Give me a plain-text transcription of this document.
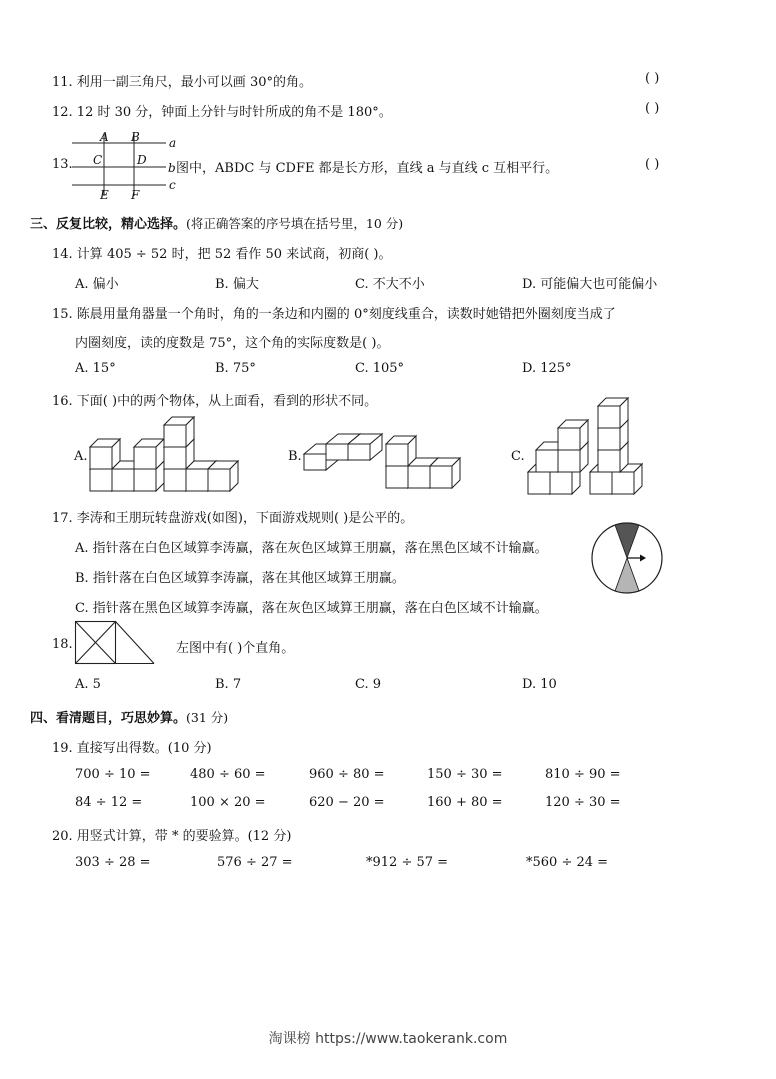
11. 利用一副三角尺，最小可以画 30°的角。	( )
12. 12 时 30 分，钟面上分针与时针所成的角不是 180°。	( )
13.
A B
C	D
E F
a
b
c
图中，ABDC 与 CDFE 都是长方形，直线 a 与直线 c 互相平行。	( )
三、反复比较，精心选择。(将正确答案的序号填在括号里，10 分)
14. 计算 405 ÷ 52 时，把 52 看作 50 来试商，初商( )。
A. 偏小	B. 偏大	C. 不大不小	D. 可能偏大也可能偏小
15. 陈晨用量角器量一个角时，角的一条边和内圈的 0°刻度线重合，读数时她错把外圈刻度当成了
内圈刻度，读的度数是 75°，这个角的实际度数是( )。
A. 15°	B. 75°	C. 105°	D. 125°
16. 下面( )中的两个物体，从上面看，看到的形状不同。
A.	B.	C.
17. 李涛和王朋玩转盘游戏(如图)，下面游戏规则( )是公平的。
A. 指针落在白色区域算李涛赢，落在灰色区域算王朋赢，落在黑色区域不计输赢。
B. 指针落在白色区域算李涛赢，落在其他区域算王朋赢。
C. 指针落在黑色区域算李涛赢，落在灰色区域算王朋赢，落在白色区域不计输赢。
18.	左图中有( )个直角。
A. 5	B. 7	C. 9	D. 10
四、看清题目，巧思妙算。(31 分)
19. 直接写出得数。(10 分)
700 ÷ 10 =	480 ÷ 60 =	960 ÷ 80 =	150 ÷ 30 =	810 ÷ 90 =
84 ÷ 12 =	100 × 20 =	620 − 20 =	160 + 80 =	120 ÷ 30 =
20. 用竖式计算，带 * 的要验算。(12 分)
303 ÷ 28 =	576 ÷ 27 =	*912 ÷ 57 =	*560 ÷ 24 =
淘课榜 https://www.taokerank.com
